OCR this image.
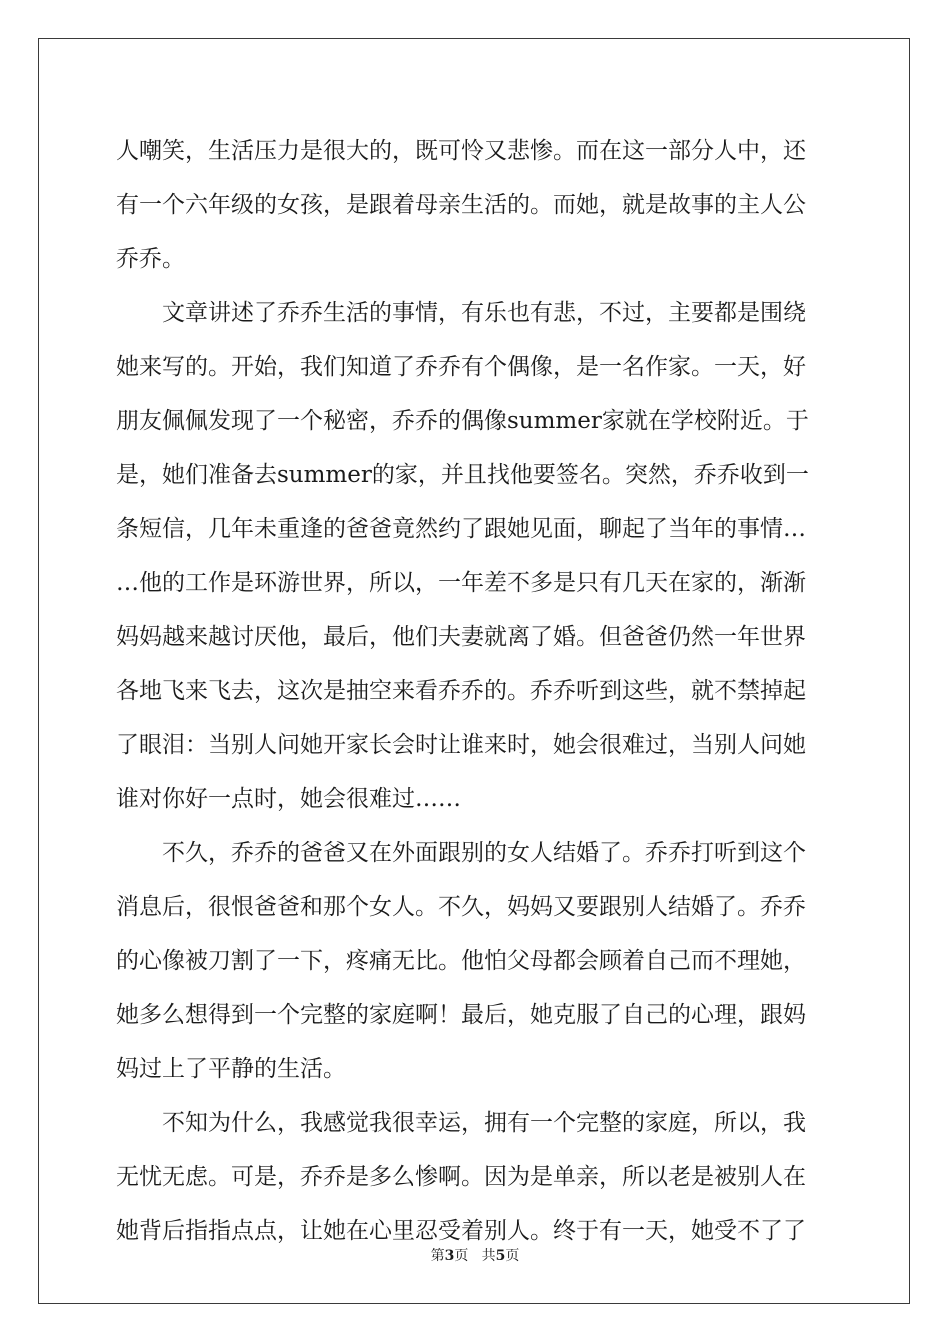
人嘲笑，生活压力是很大的，既可怜又悲惨。而在这一部分人中，还
有一个六年级的女孩，是跟着母亲生活的。而她，就是故事的主人公
乔乔。
文章讲述了乔乔生活的事情，有乐也有悲，不过，主要都是围绕
她来写的。开始，我们知道了乔乔有个偶像，是一名作家。一天，好
朋友佩佩发现了一个秘密，乔乔的偶像summer家就在学校附近。于
是，她们准备去summer的家，并且找他要签名。突然，乔乔收到一
条短信，几年未重逢的爸爸竟然约了跟她见面，聊起了当年的事情…
…他的工作是环游世界，所以，一年差不多是只有几天在家的，渐渐
妈妈越来越讨厌他，最后，他们夫妻就离了婚。但爸爸仍然一年世界
各地飞来飞去，这次是抽空来看乔乔的。乔乔听到这些，就不禁掉起
了眼泪：当别人问她开家长会时让谁来时，她会很难过，当别人问她
谁对你好一点时，她会很难过……
不久，乔乔的爸爸又在外面跟别的女人结婚了。乔乔打听到这个
消息后，很恨爸爸和那个女人。不久，妈妈又要跟别人结婚了。乔乔
的心像被刀割了一下，疼痛无比。他怕父母都会顾着自己而不理她，
她多么想得到一个完整的家庭啊！最后，她克服了自己的心理，跟妈
妈过上了平静的生活。
不知为什么，我感觉我很幸运，拥有一个完整的家庭，所以，我
无忧无虑。可是，乔乔是多么惨啊。因为是单亲，所以老是被别人在
她背后指指点点，让她在心里忍受着别人。终于有一天，她受不了了
第3页 共5页
